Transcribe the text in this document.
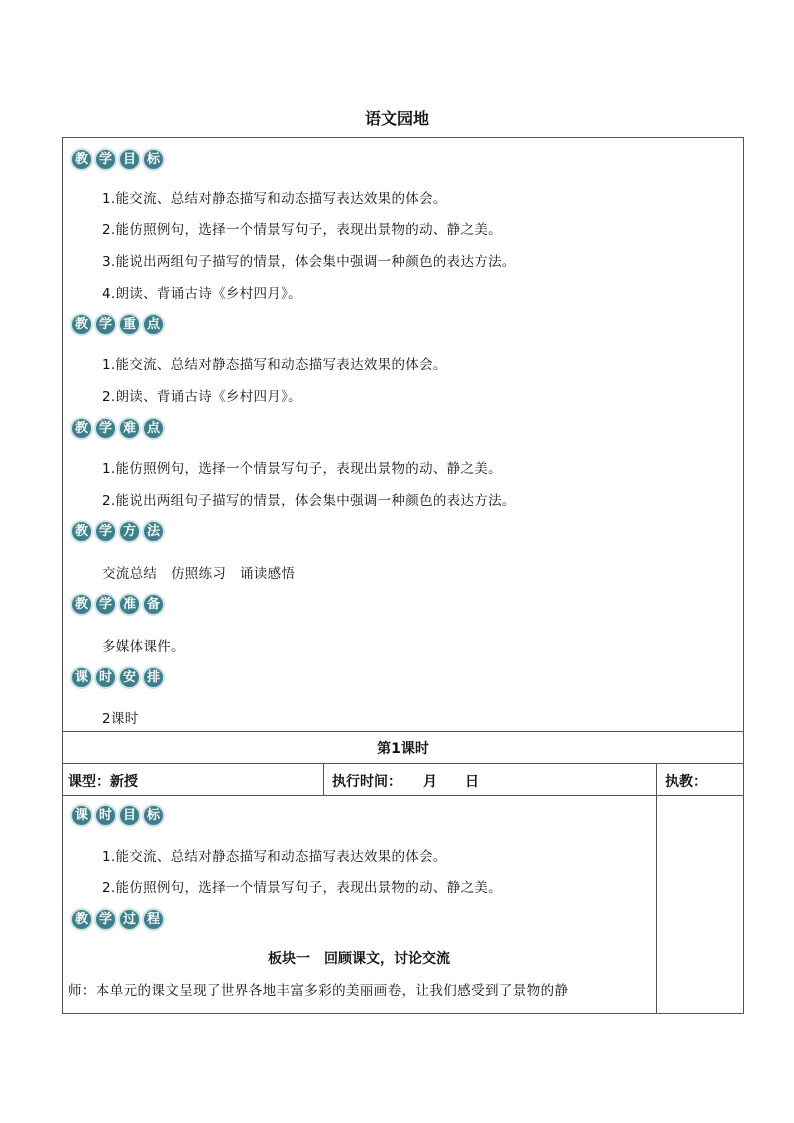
语文园地
教 学 目 标
1.能交流、总结对静态描写和动态描写表达效果的体会。
2.能仿照例句，选择一个情景写句子，表现出景物的动、静之美。
3.能说出两组句子描写的情景，体会集中强调一种颜色的表达方法。
4.朗读、背诵古诗《乡村四月》。
教 学 重 点
1.能交流、总结对静态描写和动态描写表达效果的体会。
2.朗读、背诵古诗《乡村四月》。
教 学 难 点
1.能仿照例句，选择一个情景写句子，表现出景物的动、静之美。
2.能说出两组句子描写的情景，体会集中强调一种颜色的表达方法。
教 学 方 法
交流总结　仿照练习　诵读感悟
教 学 准 备
多媒体课件。
课 时 安 排
2课时
第1课时
课型：新授	执行时间：　　月　　日	执教：
课 时 目 标
1.能交流、总结对静态描写和动态描写表达效果的体会。
2.能仿照例句，选择一个情景写句子，表现出景物的动、静之美。
教 学 过 程
板块一　回顾课文，讨论交流
师：本单元的课文呈现了世界各地丰富多彩的美丽画卷，让我们感受到了景物的静
